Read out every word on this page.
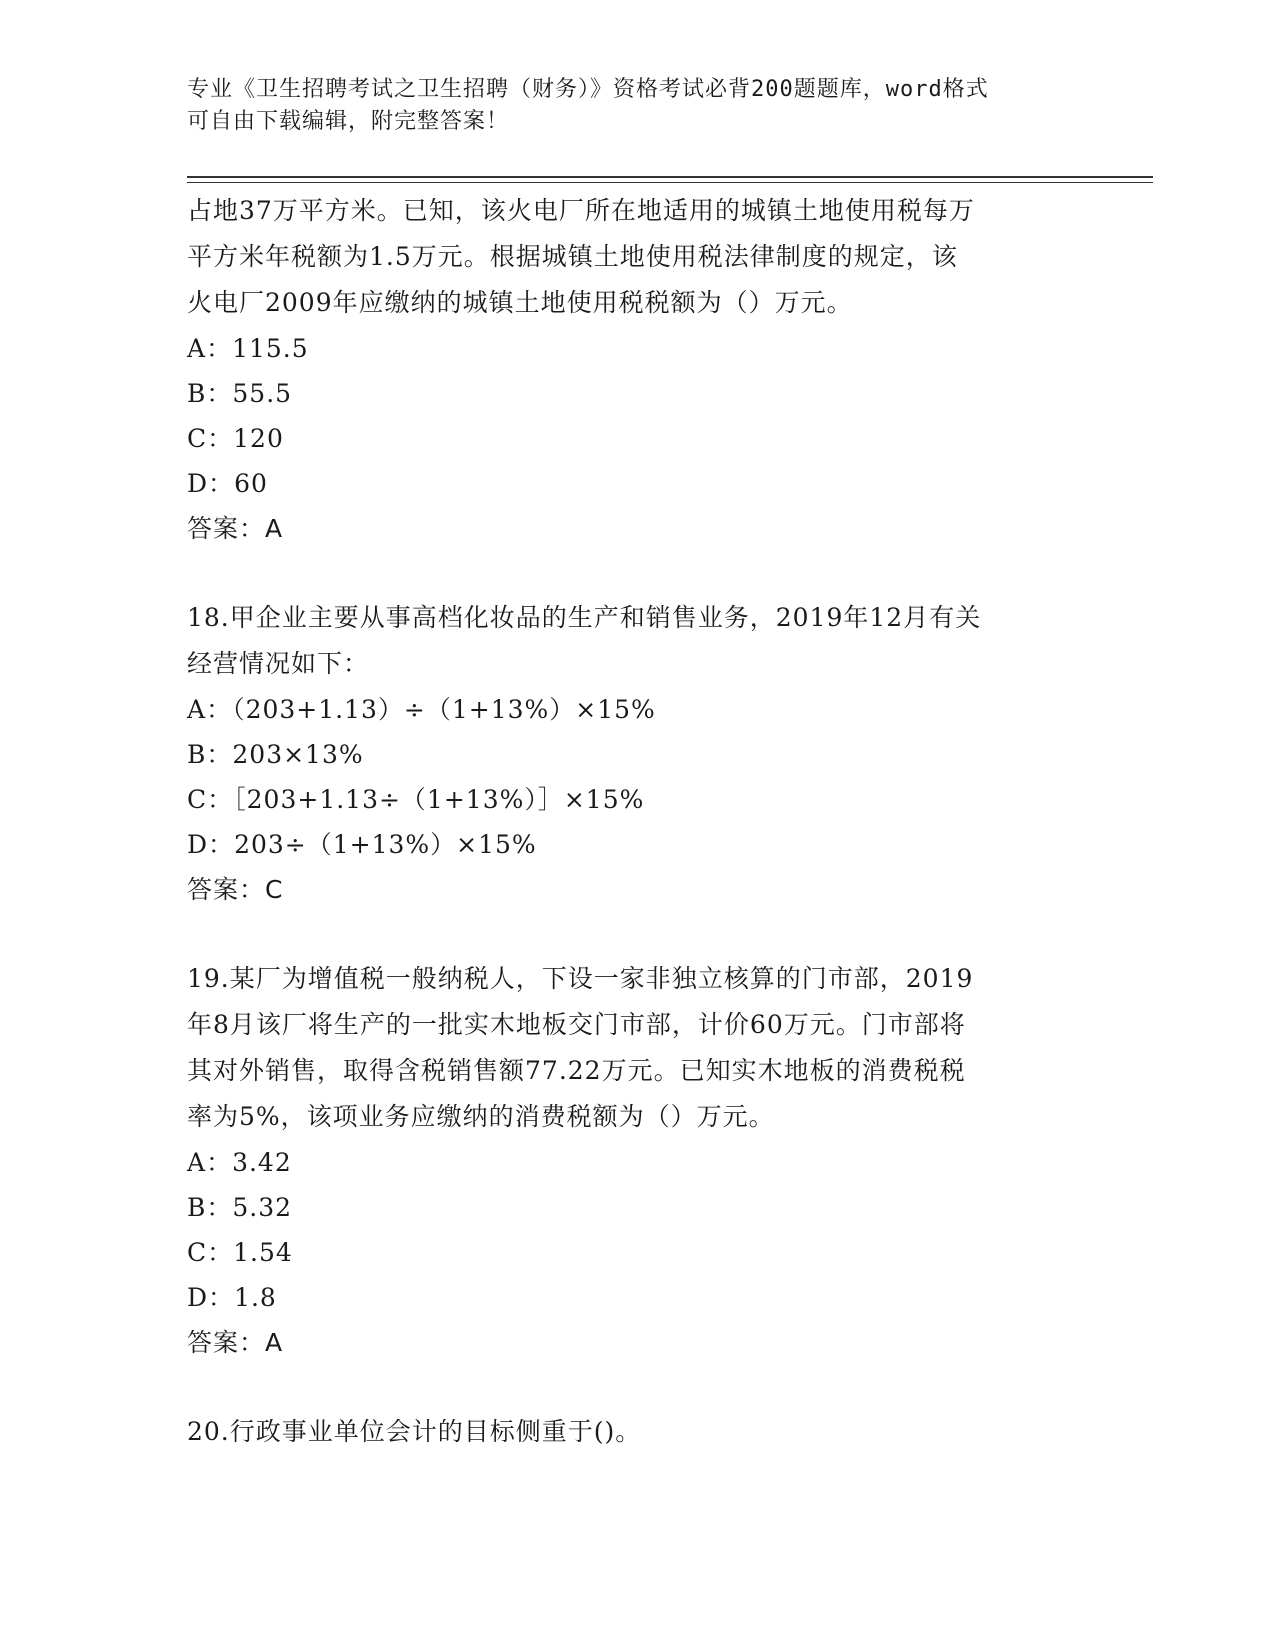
专业《卫生招聘考试之卫生招聘（财务）》资格考试必背200题题库，word格式
可自由下载编辑，附完整答案！

占地37万平方米。已知，该火电厂所在地适用的城镇土地使用税每万

平方米年税额为1.5万元。根据城镇土地使用税法律制度的规定，该

火电厂2009年应缴纳的城镇土地使用税税额为（）万元。

A：115.5

B：55.5

C：120

D：60

答案：A

18.甲企业主要从事高档化妆品的生产和销售业务，2019年12月有关

经营情况如下：

A：（203+1.13）÷（1+13%）×15%

B：203×13%

C：［203+1.13÷（1+13%）］×15%

D：203÷（1+13%）×15%

答案：C

19.某厂为增值税一般纳税人，下设一家非独立核算的门市部，2019

年8月该厂将生产的一批实木地板交门市部，计价60万元。门市部将

其对外销售，取得含税销售额77.22万元。已知实木地板的消费税税

率为5%，该项业务应缴纳的消费税额为（）万元。

A：3.42

B：5.32

C：1.54

D：1.8

答案：A

20.行政事业单位会计的目标侧重于()。
